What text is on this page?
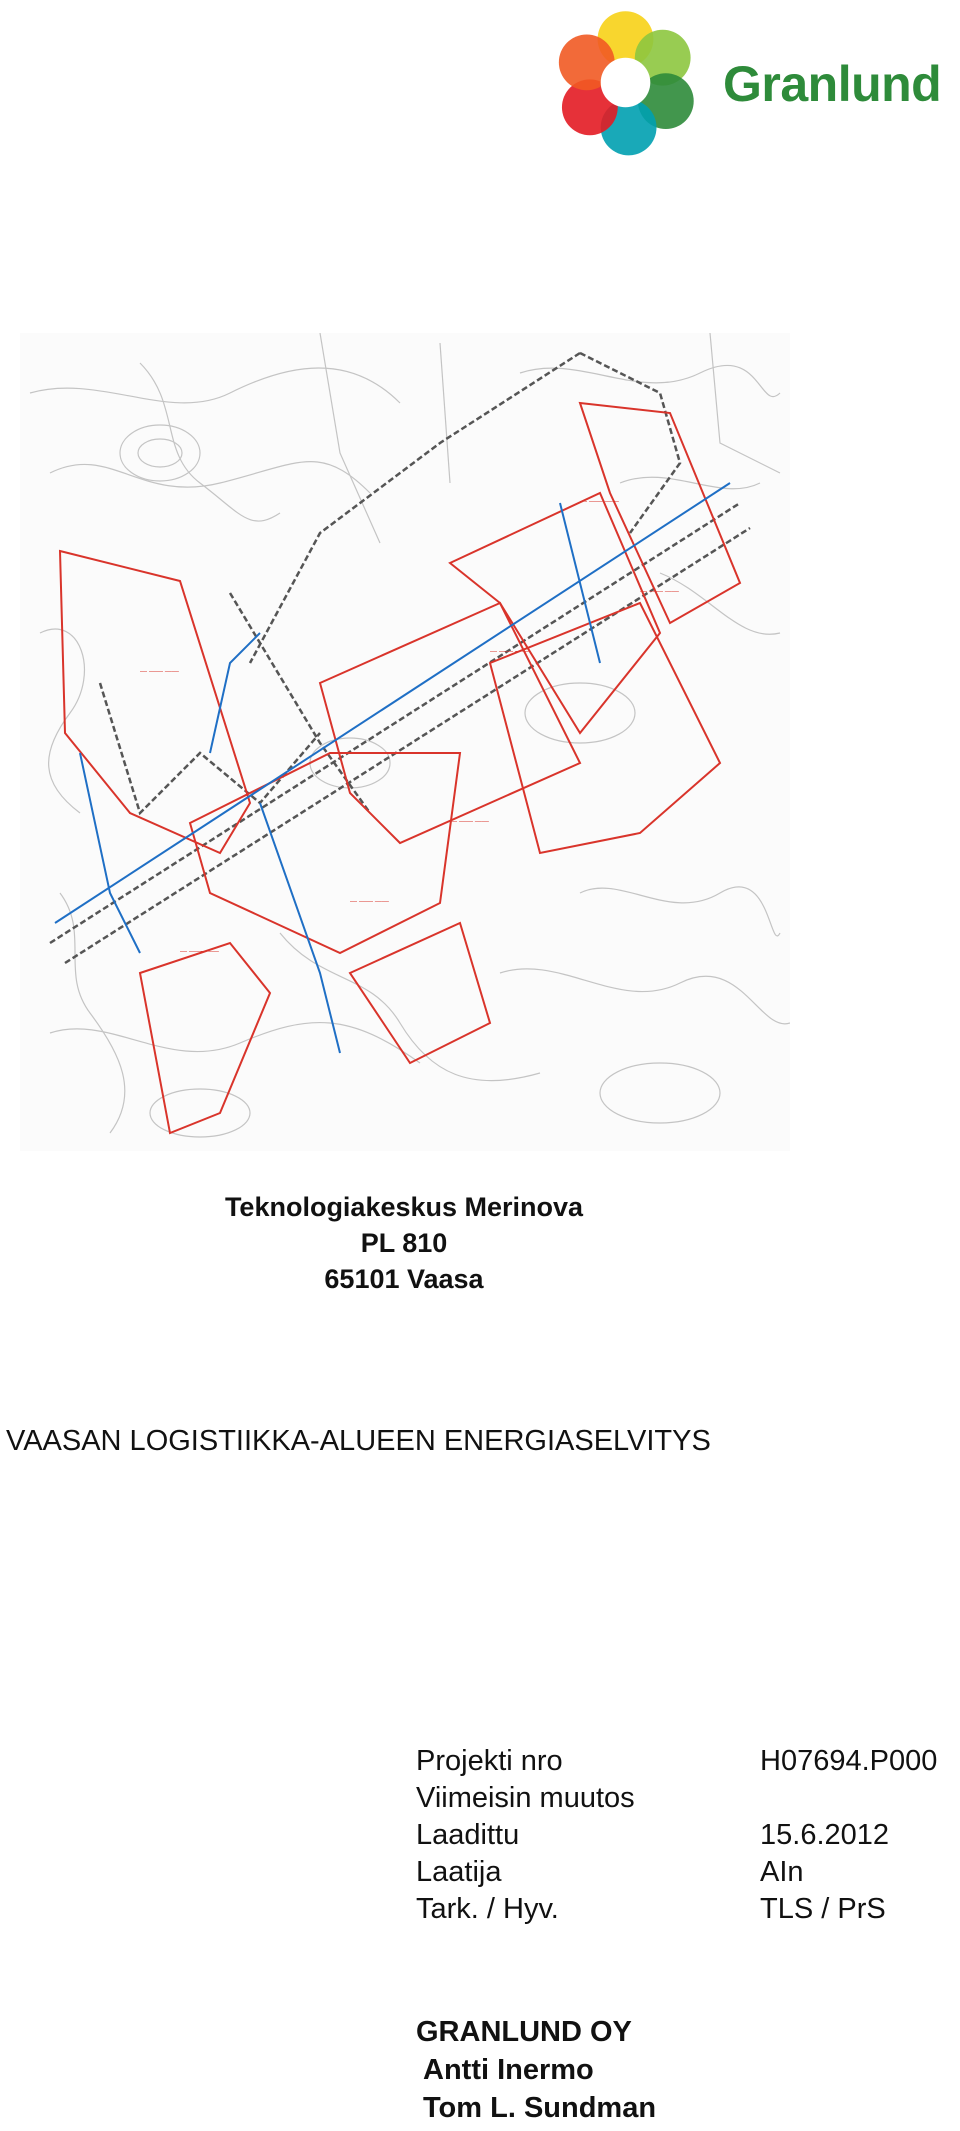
Granlund
— —— ——
— —— ——
— —— ——
— —— ——
— —— ——
— —— ——
— —— ——
Teknologiakeskus Merinova
PL 810
65101 Vaasa
VAASAN LOGISTIIKKA-ALUEEN ENERGIASELVITYS
Projekti nro	H07694.P000
Viimeisin muutos
Laadittu	15.6.2012
Laatija	AIn
Tark. / Hyv.	TLS / PrS
GRANLUND OY
Antti Inermo
Tom L. Sundman
